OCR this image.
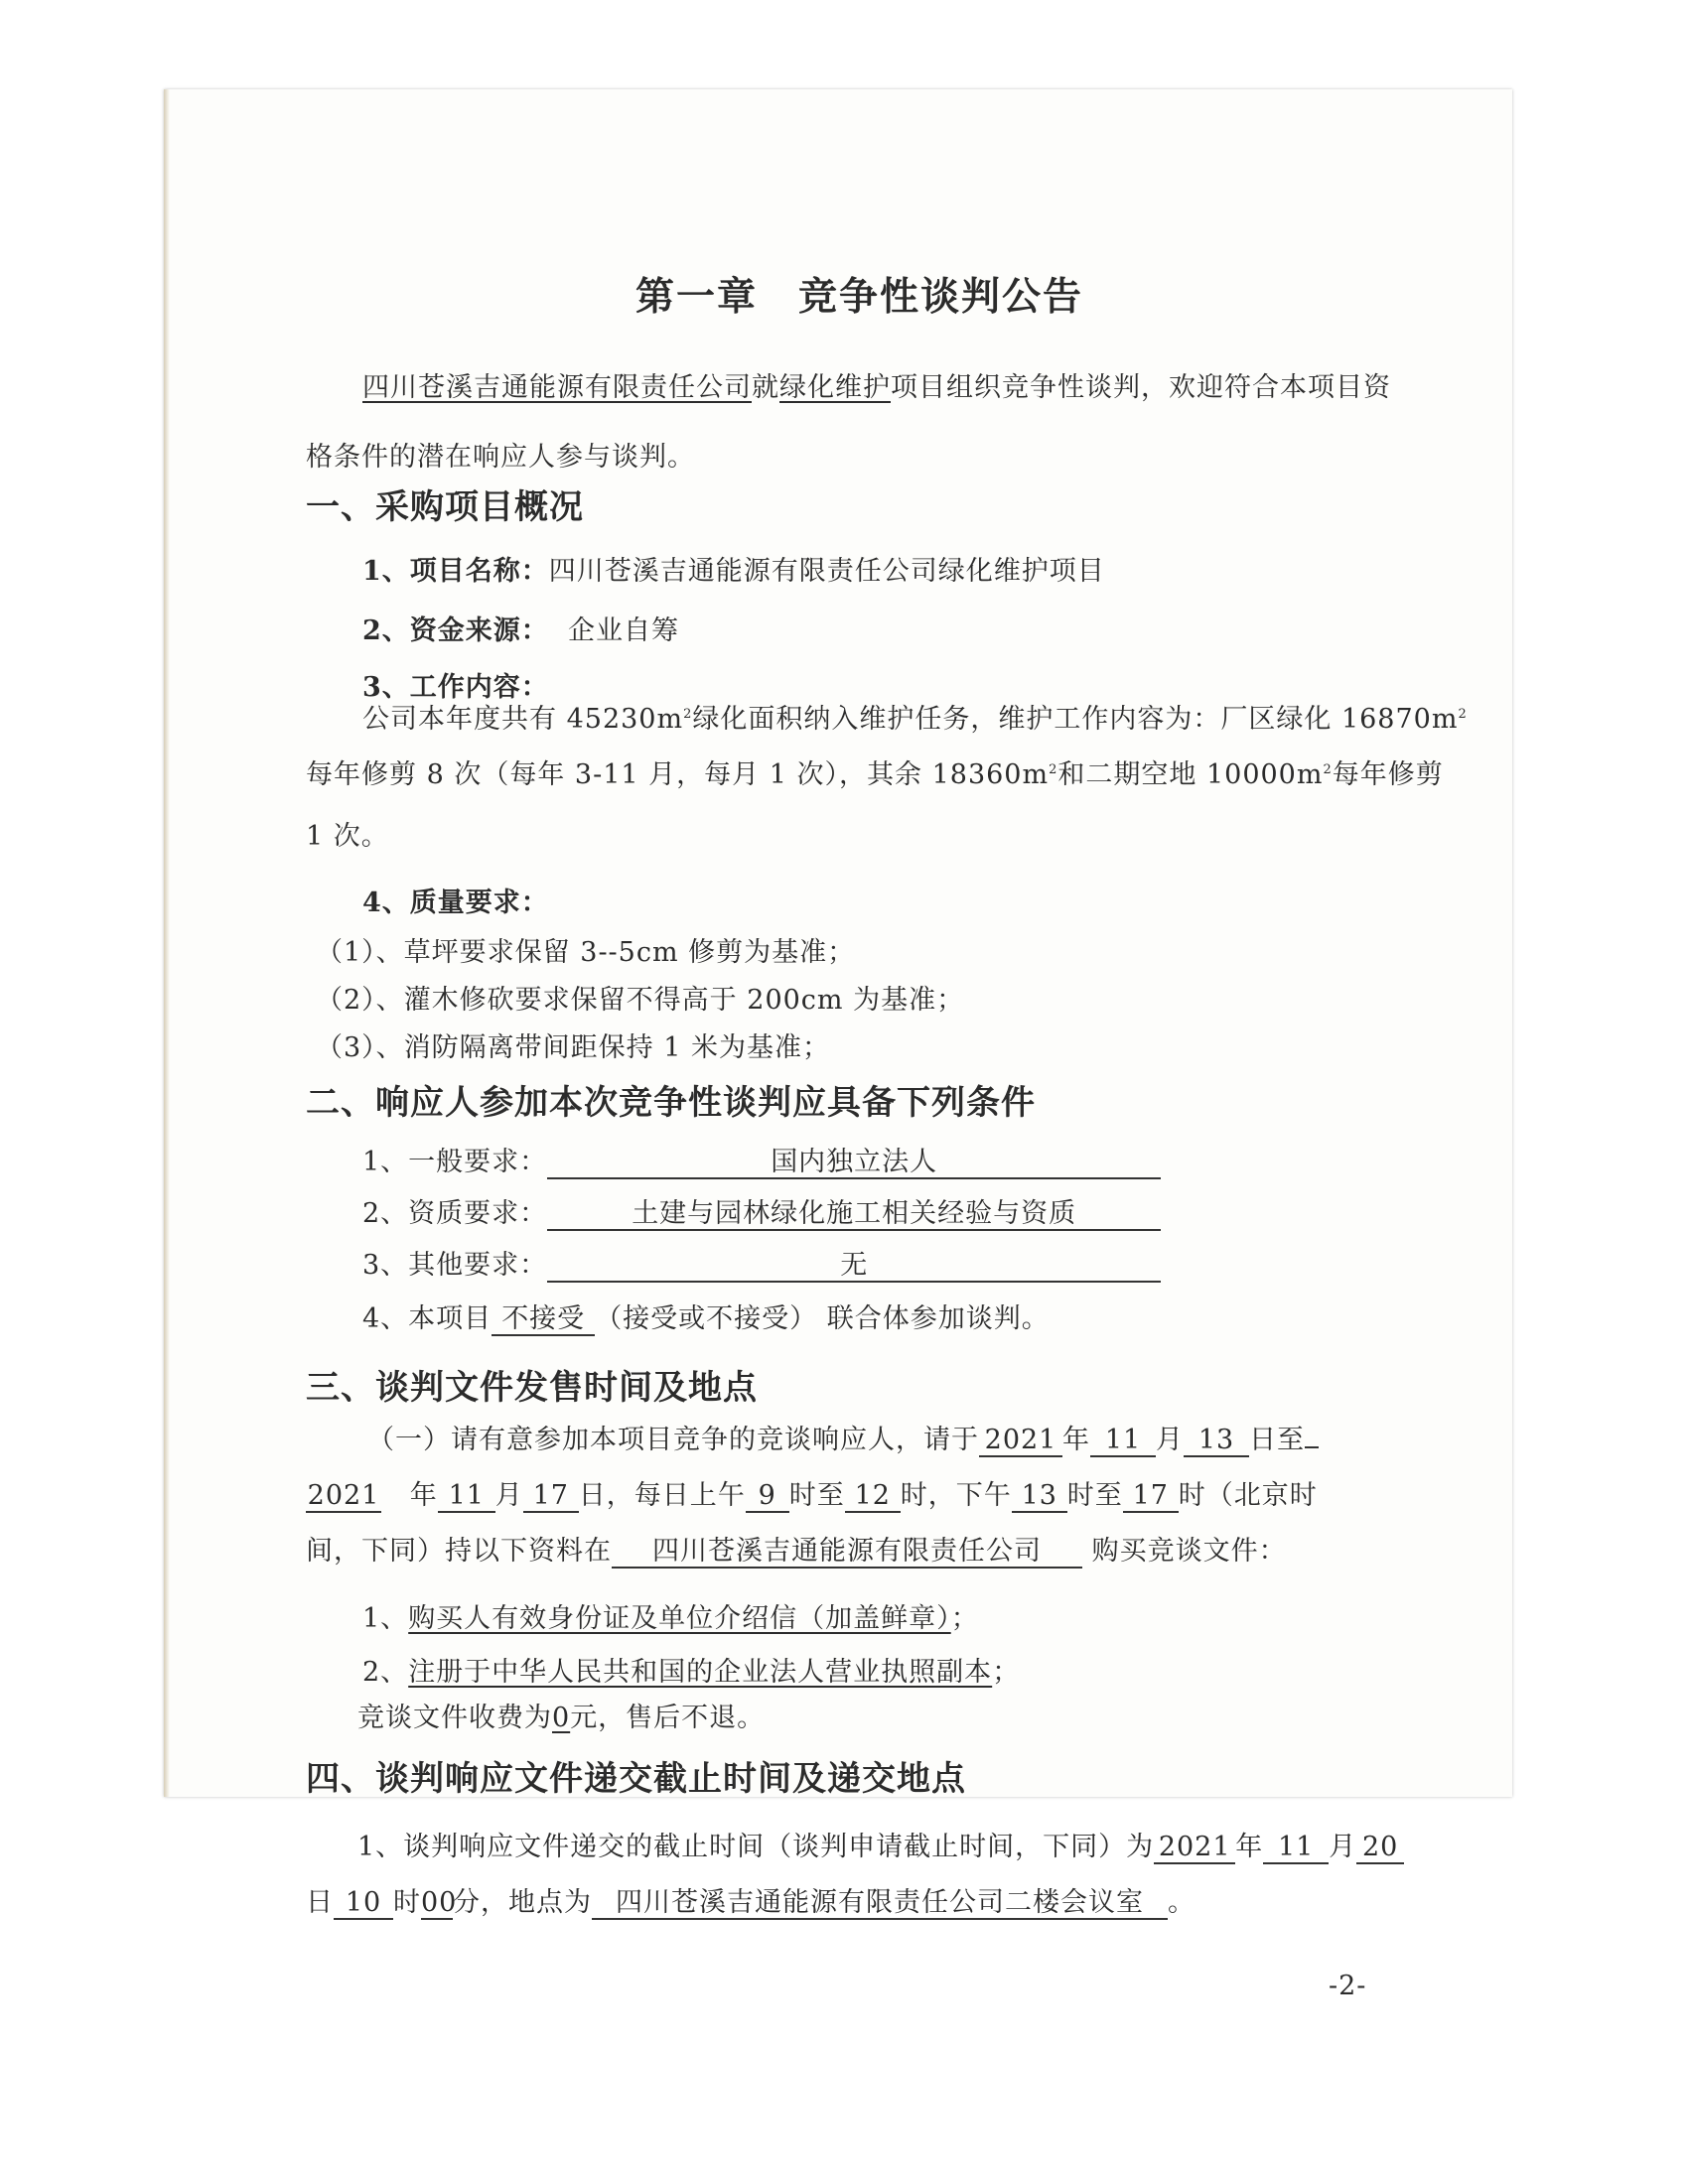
第一章　竞争性谈判公告
四川苍溪吉通能源有限责任公司就绿化维护项目组织竞争性谈判，欢迎符合本项目资
格条件的潜在响应人参与谈判。
一、采购项目概况
1、项目名称：四川苍溪吉通能源有限责任公司绿化维护项目
2、资金来源： 企业自筹
3、工作内容：
公司本年度共有 $45230m^2$绿化面积纳入维护任务，维护工作内容为：厂区绿化 $16870m^2$
每年修剪 8 次（每年 3-11 月，每月 1 次），其余 $18360m^2$和二期空地 $10000m^2$每年修剪
1 次。
4、质量要求：
（1）、草坪要求保留 3--5cm 修剪为基准；
（2）、灌木修砍要求保留不得高于 200cm 为基准；
（3）、消防隔离带间距保持 1 米为基准；
二、响应人参加本次竞争性谈判应具备下列条件
1、一般要求：	国内独立法人
2、资质要求：	土建与园林绿化施工相关经验与资质
3、其他要求：	无
4、本项目 不接受 （接受或不接受） 联合体参加谈判。
三、谈判文件发售时间及地点
（一）请有意参加本项目竞争的竞谈响应人，请于 2021 年 11 月 13 日至
2021 年 11 月 17 日，每日上午 9 时至 12 时，下午 13 时至 17 时（北京时
间，下同）持以下资料在 四川苍溪吉通能源有限责任公司 购买竞谈文件：
1、购买人有效身份证及单位介绍信（加盖鲜章）；
2、注册于中华人民共和国的企业法人营业执照副本；
竞谈文件收费为0元，售后不退。
四、谈判响应文件递交截止时间及递交地点
1、谈判响应文件递交的截止时间（谈判申请截止时间，下同）为 2021 年 11 月 20
日 10 时00分，地点为 四川苍溪吉通能源有限责任公司二楼会议室 。
-2-
